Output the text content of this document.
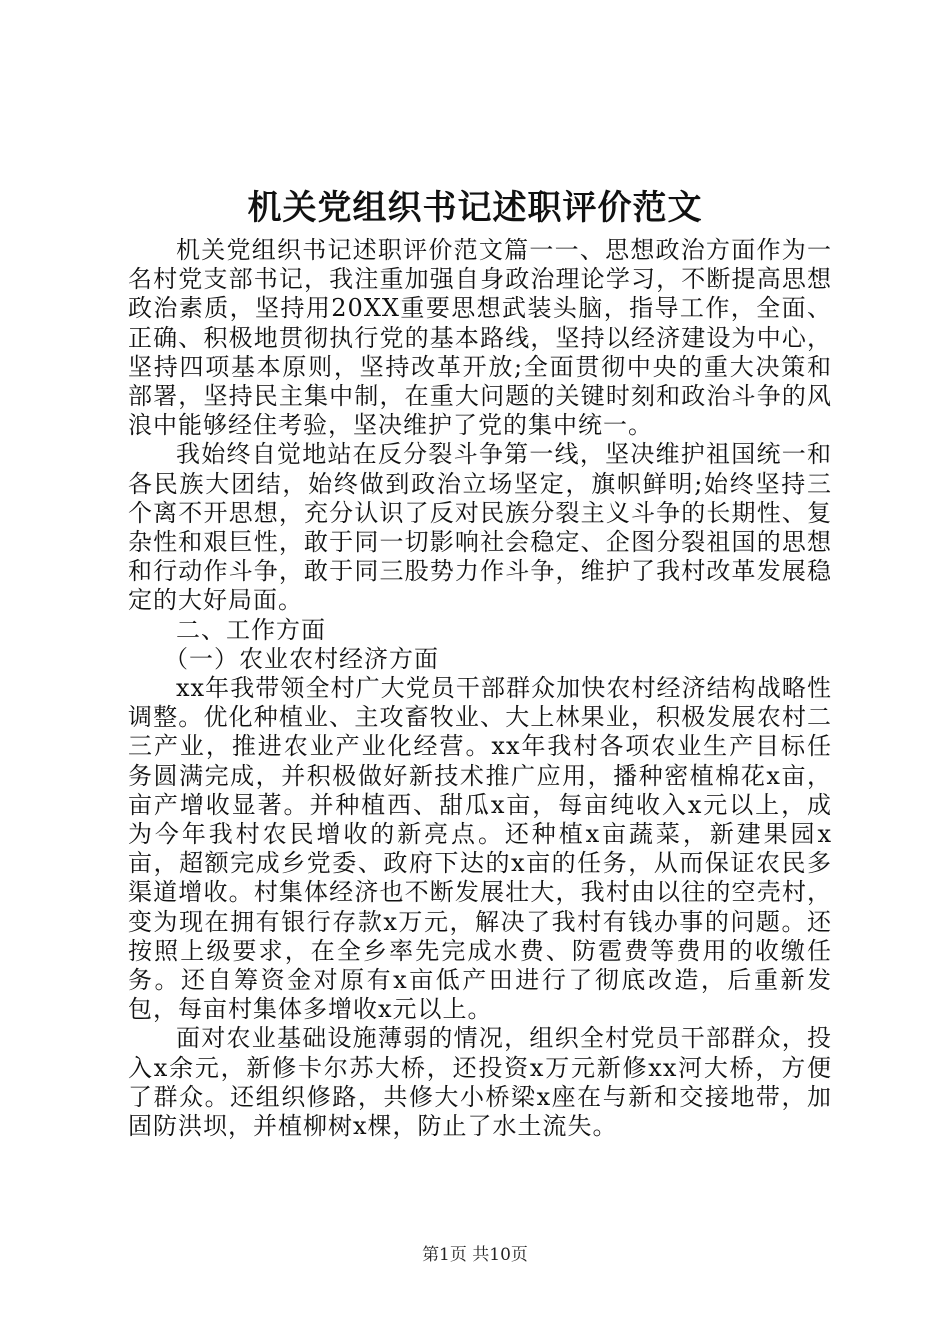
机关党组织书记述职评价范文

机关党组织书记述职评价范文篇一一、思想政治方面作为一名村党支部书记，我注重加强自身政治理论学习，不断提高思想政治素质，坚持用20XX重要思想武装头脑，指导工作，全面、正确、积极地贯彻执行党的基本路线，坚持以经济建设为中心，坚持四项基本原则，坚持改革开放;全面贯彻中央的重大决策和部署，坚持民主集中制，在重大问题的关键时刻和政治斗争的风浪中能够经住考验，坚决维护了党的集中统一。

我始终自觉地站在反分裂斗争第一线，坚决维护祖国统一和各民族大团结，始终做到政治立场坚定，旗帜鲜明;始终坚持三个离不开思想，充分认识了反对民族分裂主义斗争的长期性、复杂性和艰巨性，敢于同一切影响社会稳定、企图分裂祖国的思想和行动作斗争，敢于同三股势力作斗争，维护了我村改革发展稳定的大好局面。

二、工作方面

（一）农业农村经济方面

xx年我带领全村广大党员干部群众加快农村经济结构战略性调整。优化种植业、主攻畜牧业、大上林果业，积极发展农村二三产业，推进农业产业化经营。xx年我村各项农业生产目标任务圆满完成，并积极做好新技术推广应用，播种密植棉花x亩，亩产增收显著。并种植西、甜瓜x亩，每亩纯收入x元以上，成为今年我村农民增收的新亮点。还种植x亩蔬菜，新建果园x亩，超额完成乡党委、政府下达的x亩的任务，从而保证农民多渠道增收。村集体经济也不断发展壮大，我村由以往的空壳村，变为现在拥有银行存款x万元，解决了我村有钱办事的问题。还按照上级要求，在全乡率先完成水费、防雹费等费用的收缴任务。还自筹资金对原有x亩低产田进行了彻底改造，后重新发包，每亩村集体多增收x元以上。

面对农业基础设施薄弱的情况，组织全村党员干部群众，投入x余元，新修卡尔苏大桥，还投资x万元新修xx河大桥，方便了群众。还组织修路，共修大小桥梁x座在与新和交接地带，加固防洪坝，并植柳树x棵，防止了水土流失。

第1页 共10页
